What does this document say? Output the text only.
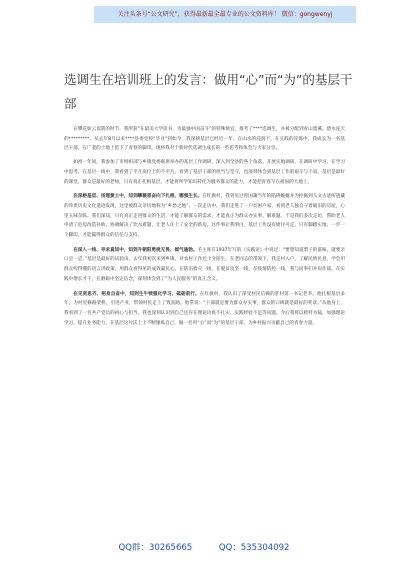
关注头条号“公文研究”，获得最新最全最专业的公文资料库！ 微信：gongwenyj
选调生在培训班上的发言：做用“心”而“为”的基层干部

在攀花如云似箭的时节，我所获“在最美大学读书，为最强中国奋斗”的特殊情宜，推考了****选调生，并被分配到青山墨溪、碧水连天的*********。从去年8月以来****县委党校“毕业”到如今，我深耕基层已经近一年。在山水的浸润下，在实践的淬炼中，我成长为一名基层干部，在广袤的土地上留下了青春的脚印。现将我对于新时代选调生成长的一些思考和体会与大家分享。

如初一年间，我参加了市组织部与乡镇党委联席举办的基层工作调研，深入到全县的各个角落。开展实地调研，在调研中学习，在学习中思考。在基层一线中，我看到了平凡岗位上的不平凡，看到了基层干部的担当与坚守，也深刻体会到基层工作的艰辛与不易。基层是最好的课堂，群众是最好的老师，只有真正扎根基层，才能将所学知识转化为服务群众的能力，才能把青春写在祖国的大地上。

在深耕基层、扬理黄土中，知到攀薇恩奋向下扎根、哪强生长。在红旗村，我曾见过曾国藩当年的陷阱蜿蜒并为控掘到人文古迹所遗藏的珍贵历史文化遗迹发现。这里被群众亲切地称为“乡愁之地”。一次走访中，我们走进了一户贫困户家，看到老人独自守着破旧的房屋，心里五味杂陈。我们深知，只有真正走进群众的生活，才能了解群众的需求，才能真正为群众办实事、解难题。于是我们多次走访，帮助老人申请了危房改造补助，协调解决了饮水难题，让老人住上了安全的新房。这件事让我明白，基层工作没有捷径可走，只有脚踏实地、一步一个脚印，才能赢得群众的信任与支持。

在深入一线、寻求真知中，知到升朝阳勇挑无畏、倾气逢勃。毛主席在1937年写的《实践论》中说过：“要想知道梨子的滋味，就要亲口尝一尝。”基层是最好的试验田。去年我初次来到乡镇，对农村工作还十分陌生。在老同志的带领下，我走村入户，了解民情民意，学会用群众听得懂的语言讲政策，用群众看得见的成效赢民心。在防汛救灾一线，在脱贫攻坚一线，在疫情防控一线，我与同事们并肩作战，在实践中增长才干，在磨砺中坚定信念，深刻体会到了“为人民服务”的真正含义。

在见贤思齐、躬身自省中，知到生牛犊强化学习、砥砺前行。在红旗村，我认识了深受村民信赖的驻村第一书记老李。他扎根基层多年，为村里修路架桥、引进产业，带领村民走上了致富路。他常说：“干部就是要为群众办实事，群众的口碑就是最好的奖章。”从他身上，我看到了一名共产党员的初心与担当。我也深刻认识到自己还存在理论功底不扎实、实践经验不足等问题。今后我将以榜样为镜，加强理论学习，提升业务能力，在基层这片沃土上不断锤炼自己，做一名用“心”而“为”的基层干部，为乡村振兴贡献自己的青春力量。

QQ群：30265665	QQ：535304092
